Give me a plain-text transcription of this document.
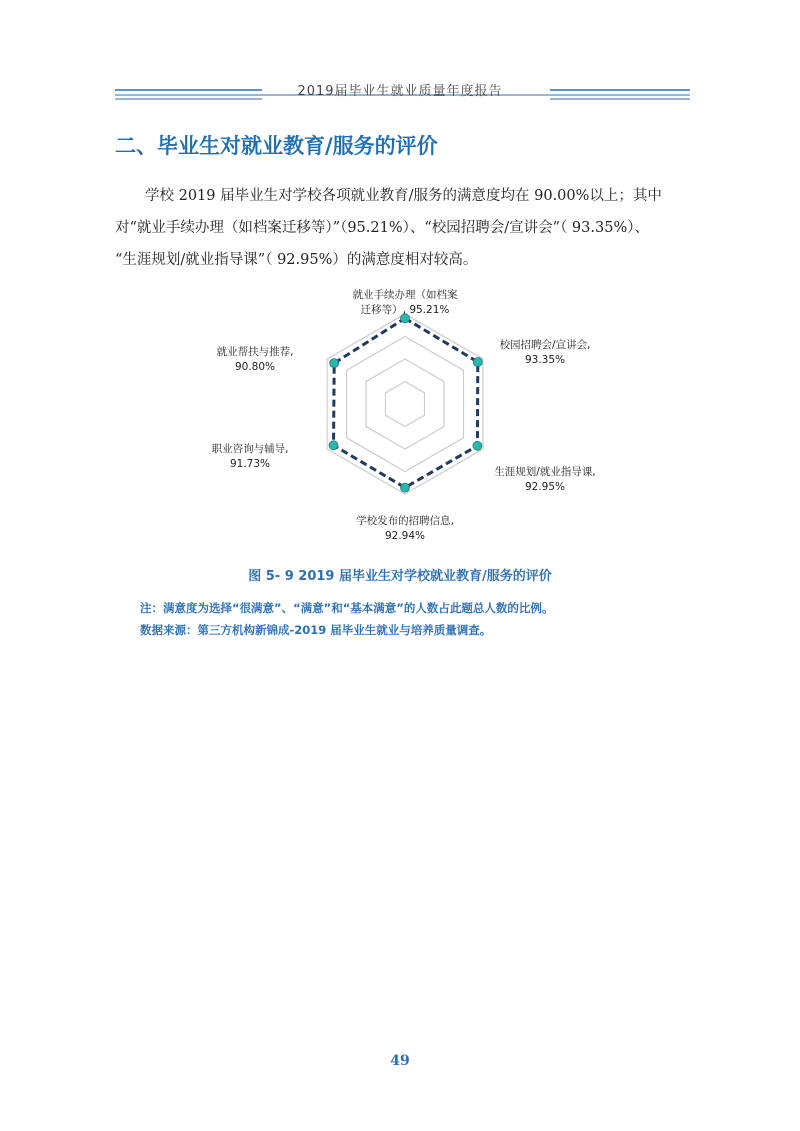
2019届毕业生就业质量年度报告
二、毕业生对就业教育/服务的评价
学校 2019 届毕业生对学校各项就业教育/服务的满意度均在 90.00%以上；其中
对“就业手续办理（如档案迁移等）”（95.21%）、“校园招聘会/宣讲会”（ 93.35%）、
“生涯规划/就业指导课”（ 92.95%）的满意度相对较高。
就业手续办理（如档案
迁移等）, 95.21%
校园招聘会/宣讲会,
93.35%
生涯规划/就业指导课,
92.95%
学校发布的招聘信息,
92.94%
职业咨询与辅导,
91.73%
就业帮扶与推荐,
90.80%
图 5- 9 2019 届毕业生对学校就业教育/服务的评价
注：满意度为选择“很满意”、“满意”和“基本满意”的人数占此题总人数的比例。
数据来源：第三方机构新锦成-2019 届毕业生就业与培养质量调查。
49
